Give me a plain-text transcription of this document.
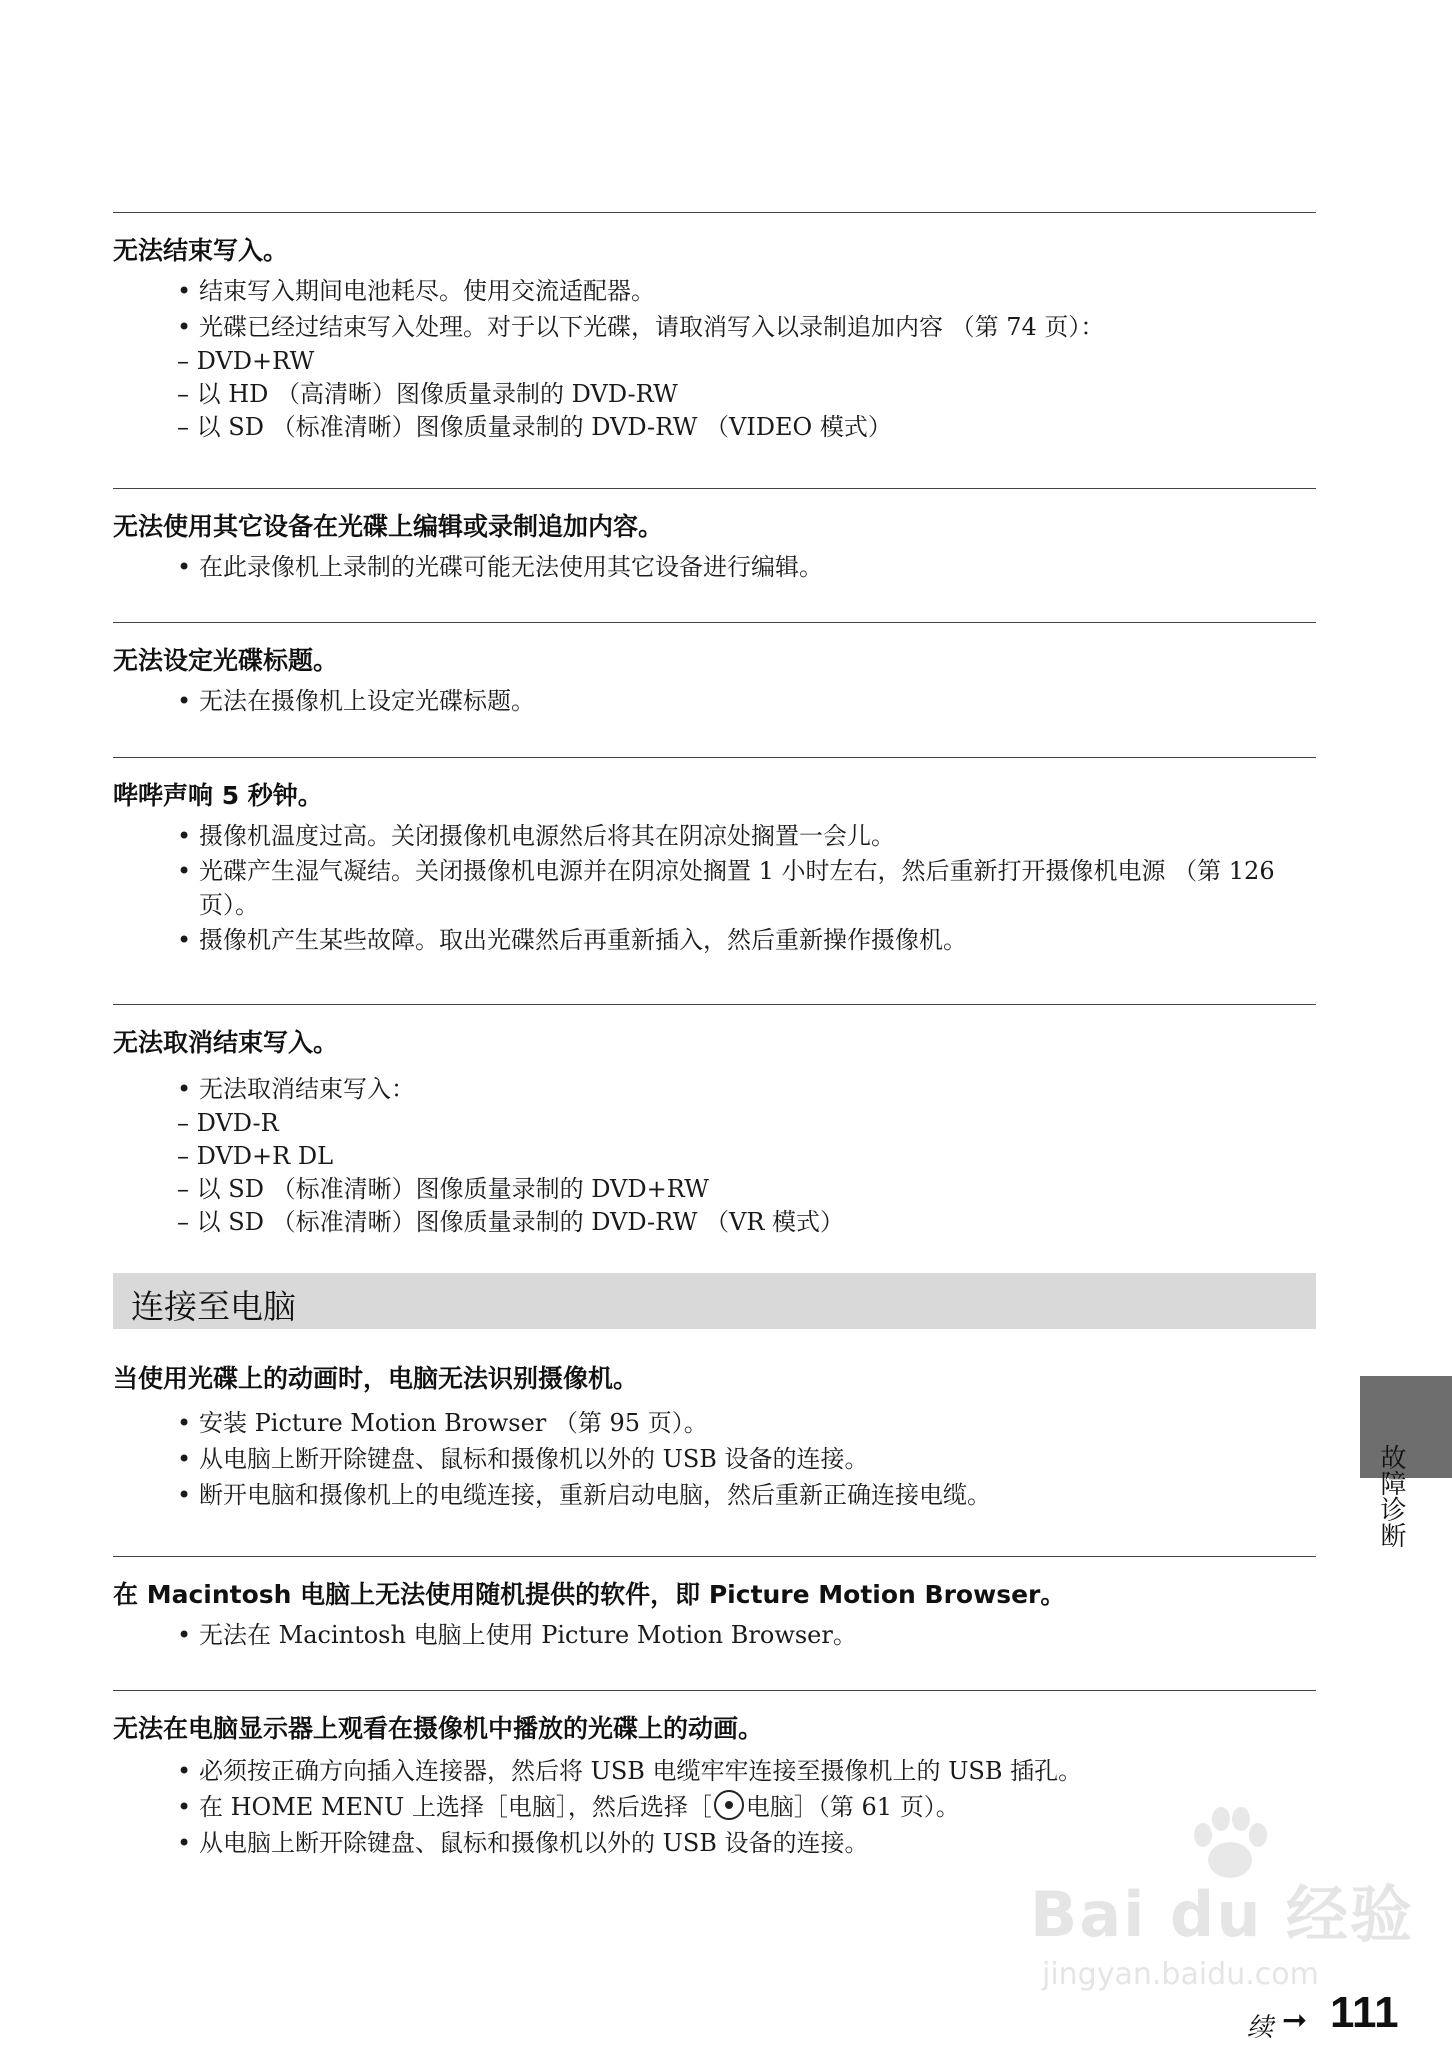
无法结束写入。
• 结束写入期间电池耗尽。使用交流适配器。
• 光碟已经过结束写入处理。对于以下光碟，请取消写入以录制追加内容 （第 74 页）：
– DVD+RW
– 以 HD （高清晰）图像质量录制的 DVD-RW
– 以 SD （标准清晰）图像质量录制的 DVD-RW （VIDEO 模式）
无法使用其它设备在光碟上编辑或录制追加内容。
• 在此录像机上录制的光碟可能无法使用其它设备进行编辑。
无法设定光碟标题。
• 无法在摄像机上设定光碟标题。
哔哔声响 5 秒钟。
• 摄像机温度过高。关闭摄像机电源然后将其在阴凉处搁置一会儿。
• 光碟产生湿气凝结。关闭摄像机电源并在阴凉处搁置 1 小时左右，然后重新打开摄像机电源 （第 126 页）。
• 摄像机产生某些故障。取出光碟然后再重新插入，然后重新操作摄像机。
无法取消结束写入。
• 无法取消结束写入：
– DVD-R
– DVD+R DL
– 以 SD （标准清晰）图像质量录制的 DVD+RW
– 以 SD （标准清晰）图像质量录制的 DVD-RW （VR 模式）
连接至电脑
当使用光碟上的动画时，电脑无法识别摄像机。
• 安装 Picture Motion Browser （第 95 页）。
• 从电脑上断开除键盘、鼠标和摄像机以外的 USB 设备的连接。
• 断开电脑和摄像机上的电缆连接，重新启动电脑，然后重新正确连接电缆。
在 Macintosh 电脑上无法使用随机提供的软件，即 Picture Motion Browser。
• 无法在 Macintosh 电脑上使用 Picture Motion Browser。
无法在电脑显示器上观看在摄像机中播放的光碟上的动画。
• 必须按正确方向插入连接器，然后将 USB 电缆牢牢连接至摄像机上的 USB 插孔。
• 在 HOME MENU 上选择［电脑］，然后选择［ 电脑］（第 61 页）。
• 从电脑上断开除键盘、鼠标和摄像机以外的 USB 设备的连接。
故障诊断
Bai du 经验
jingyan.baidu.com
续 ➞ 111
